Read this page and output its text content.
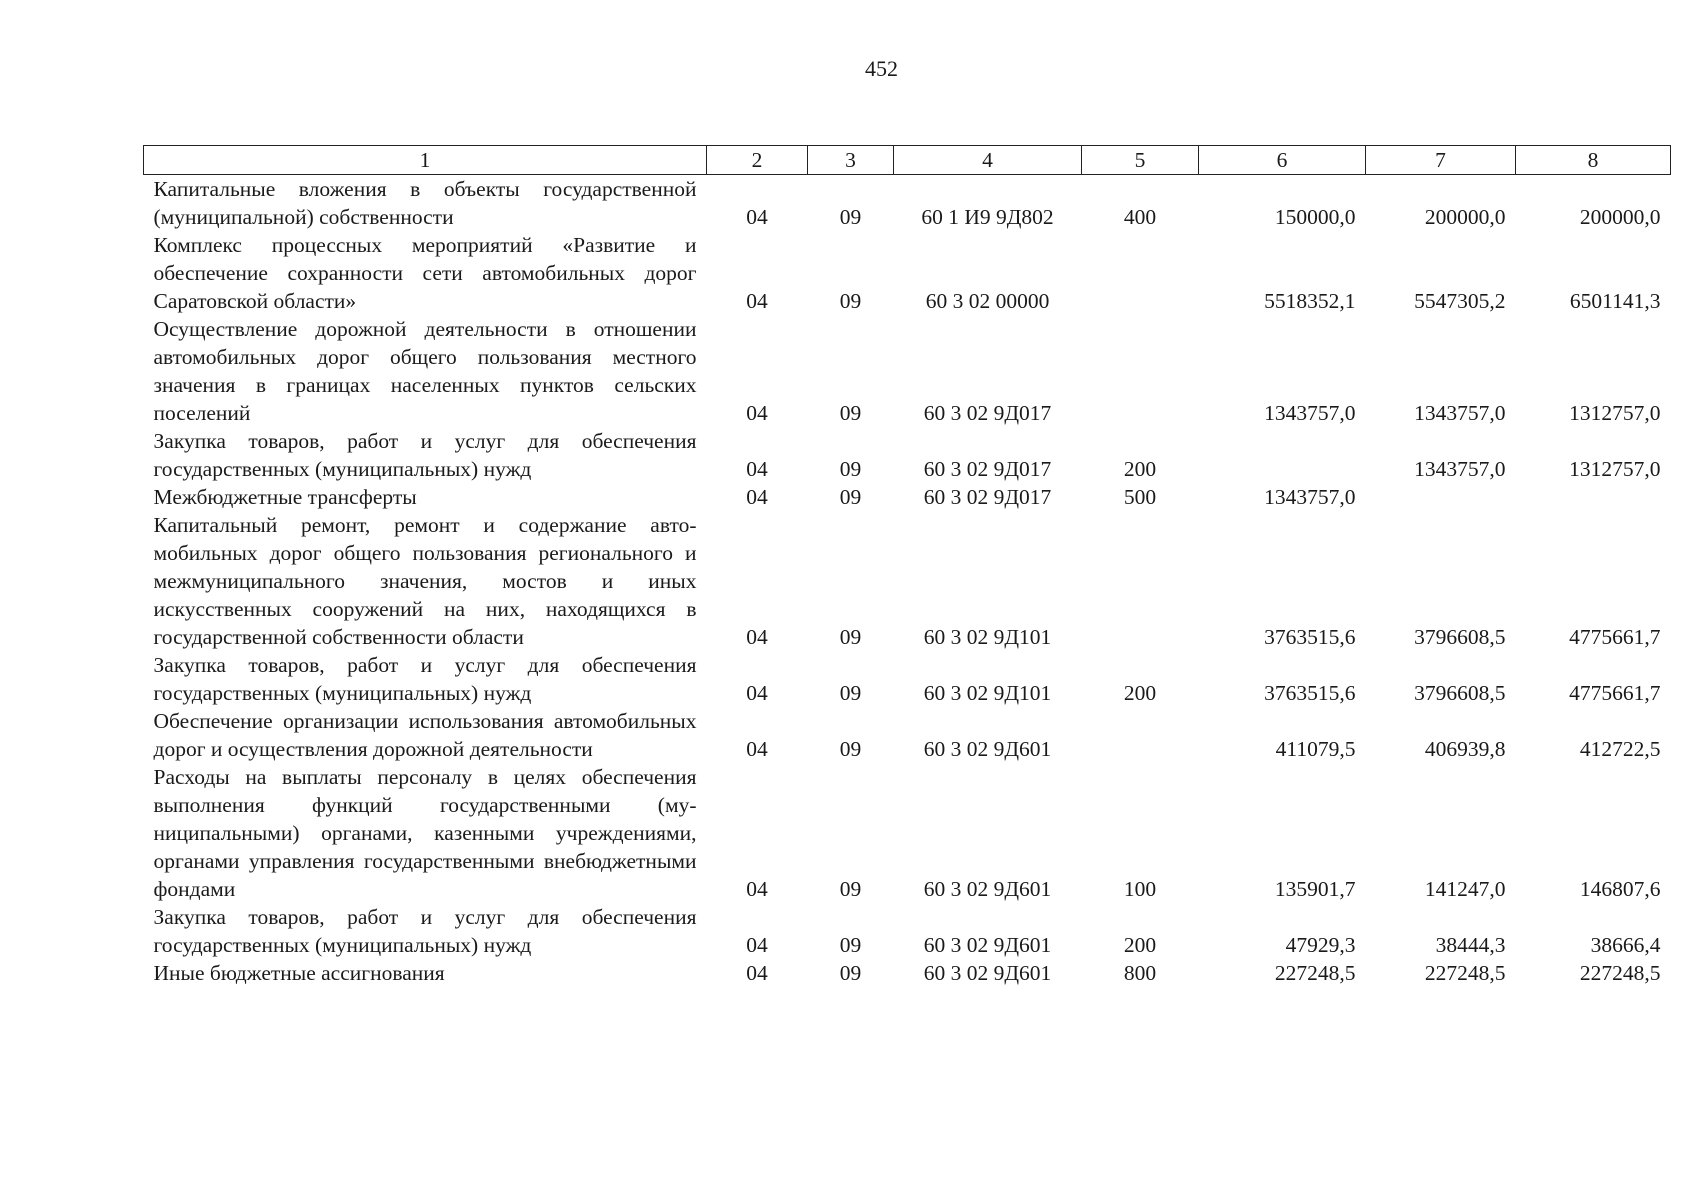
452
1	2	3	4	5	6	7	8
Капитальные вложения в объекты государственной (муниципальной) собственности	04	09	60 1 И9 9Д802	400	150000,0	200000,0	200000,0
Комплекс процессных мероприятий «Развитие и обеспечение сохранности сети автомобильных дорог Саратовской области»	04	09	60 3 02 00000		5518352,1	5547305,2	6501141,3
Осуществление дорожной деятельности в отношении автомобильных дорог общего пользования местного значения в границах населенных пунктов сельских поселений	04	09	60 3 02 9Д017		1343757,0	1343757,0	1312757,0
Закупка товаров, работ и услуг для обеспечения государственных (муниципальных) нужд	04	09	60 3 02 9Д017	200		1343757,0	1312757,0
Межбюджетные трансферты	04	09	60 3 02 9Д017	500	1343757,0		
Капитальный ремонт, ремонт и содержание автомобильных дорог общего пользования регионального и межмуниципального значения, мостов и иных искусственных сооружений на них, находящихся в государственной собственности области	04	09	60 3 02 9Д101		3763515,6	3796608,5	4775661,7
Закупка товаров, работ и услуг для обеспечения государственных (муниципальных) нужд	04	09	60 3 02 9Д101	200	3763515,6	3796608,5	4775661,7
Обеспечение организации использования автомобильных дорог и осуществления дорожной деятельности	04	09	60 3 02 9Д601		411079,5	406939,8	412722,5
Расходы на выплаты персоналу в целях обеспечения выполнения функций государственными (муниципальными) органами, казенными учреждениями, органами управления государственными внебюджетными фондами	04	09	60 3 02 9Д601	100	135901,7	141247,0	146807,6
Закупка товаров, работ и услуг для обеспечения государственных (муниципальных) нужд	04	09	60 3 02 9Д601	200	47929,3	38444,3	38666,4
Иные бюджетные ассигнования	04	09	60 3 02 9Д601	800	227248,5	227248,5	227248,5
